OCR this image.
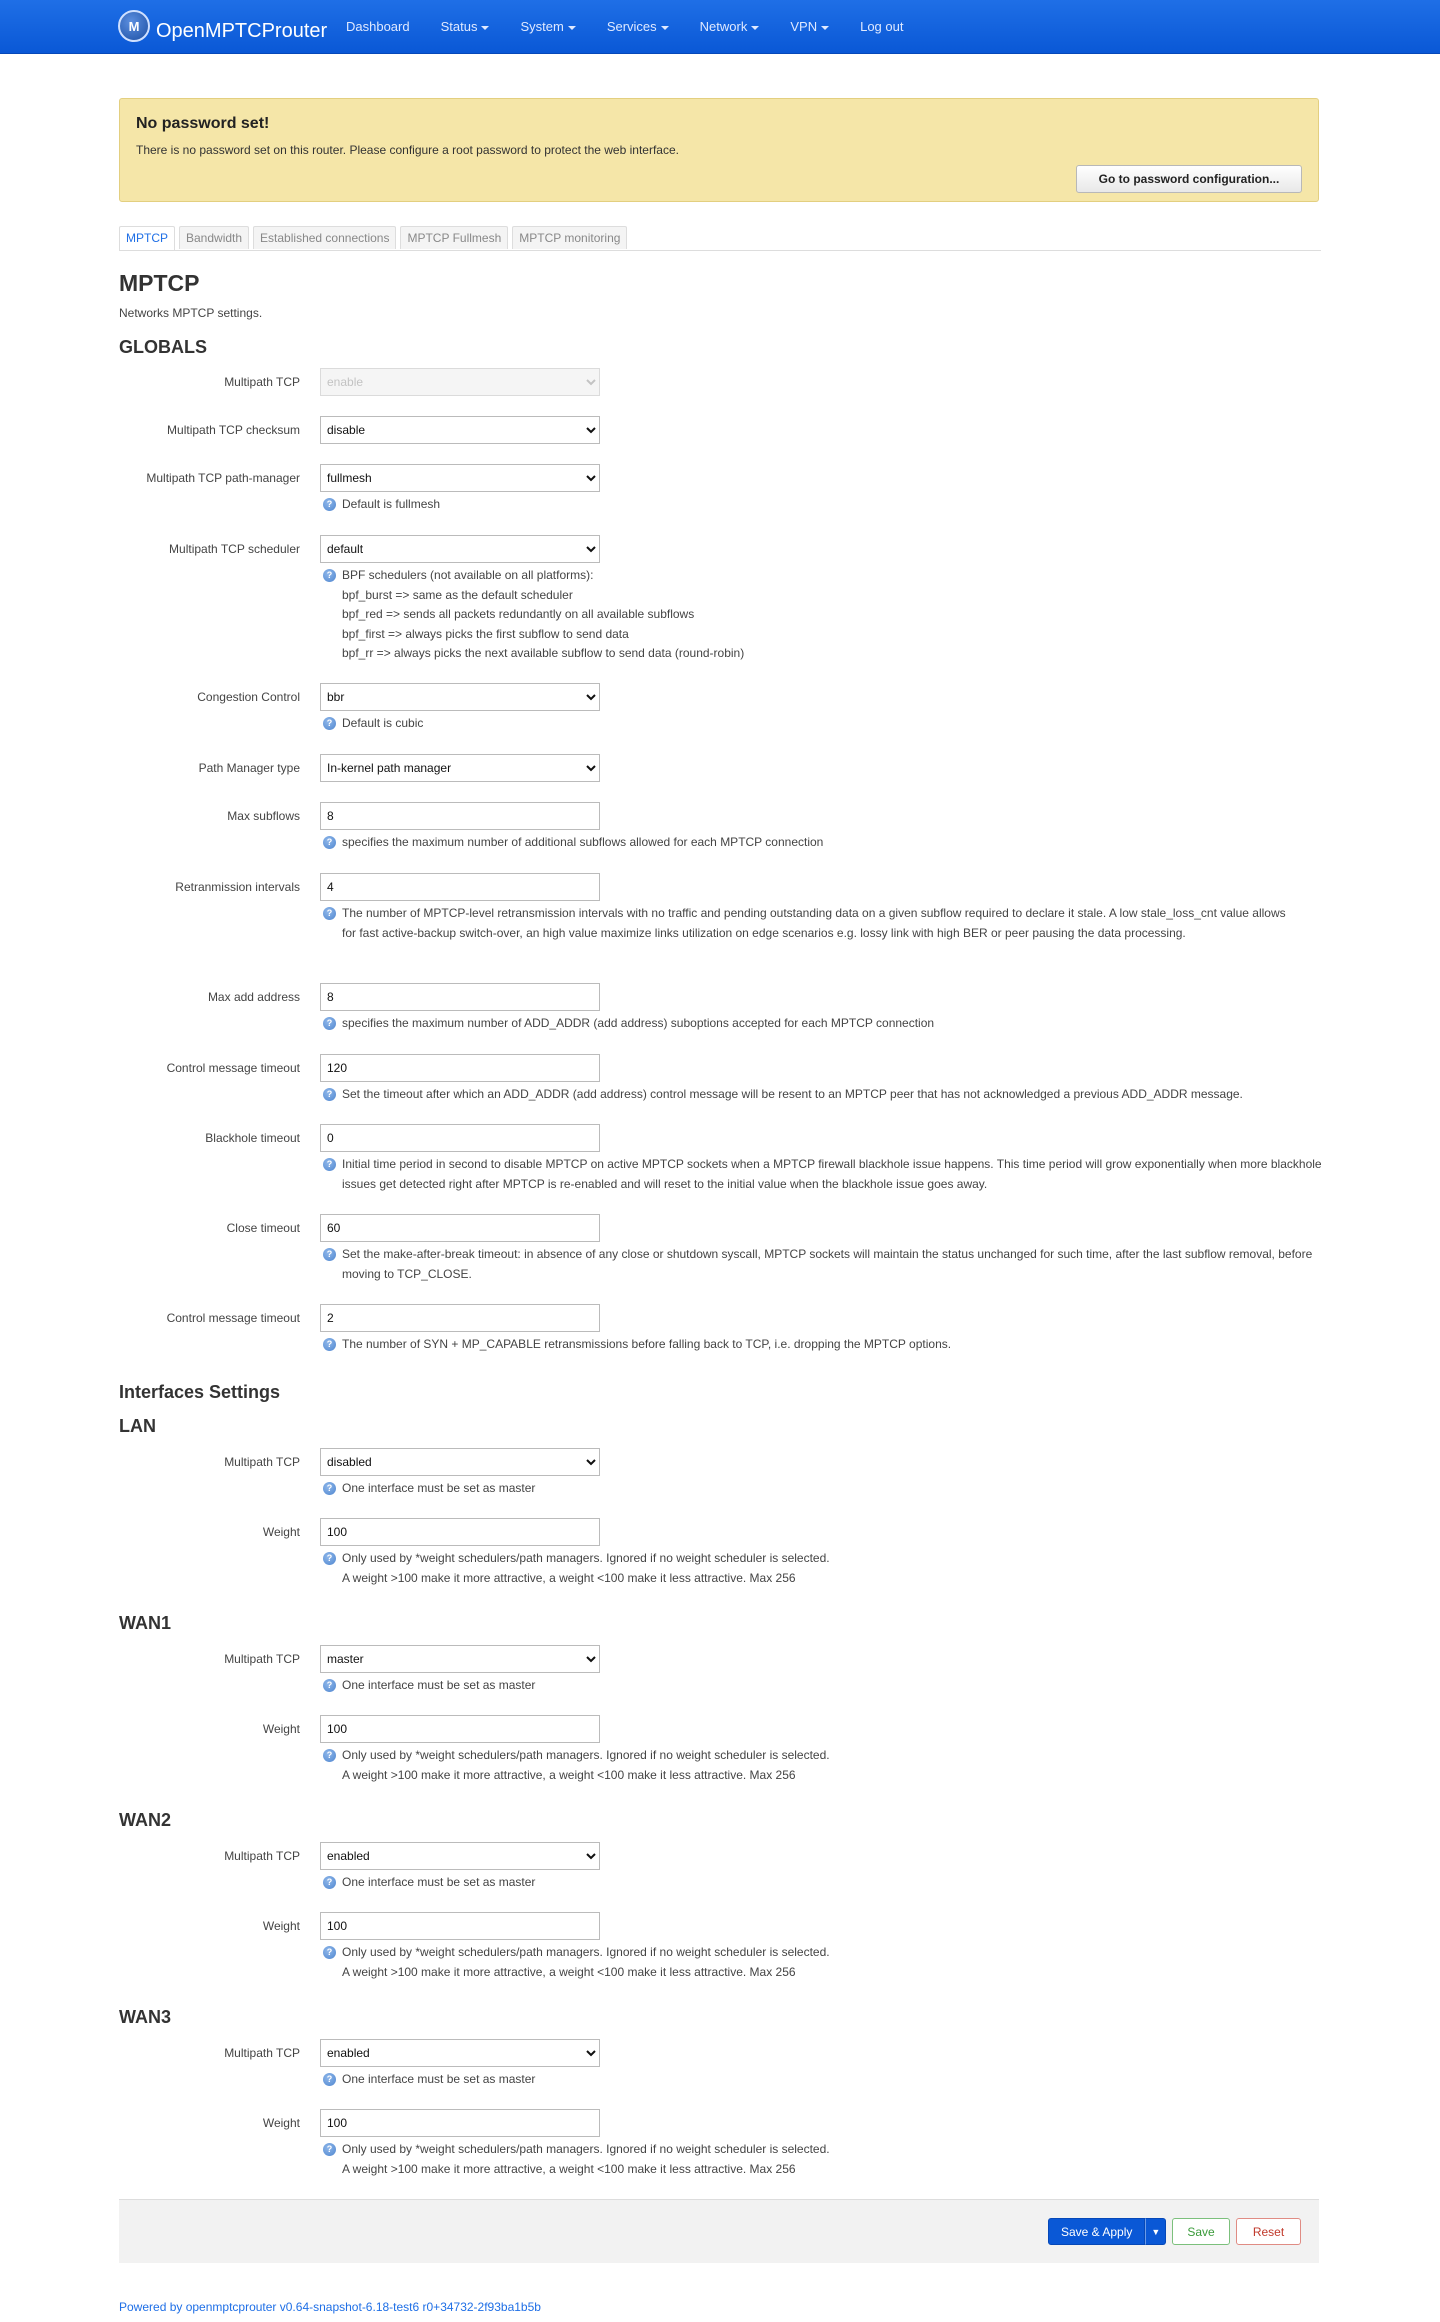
M OpenMPTCProuter Dashboard Status	System	Services	Network	VPN	Log out
No password set!
There is no password set on this router. Please configure a root password to protect the web interface.
Go to password configuration...
MPTCP	Bandwidth	Established connections	MPTCP Fullmesh	MPTCP monitoring
MPTCP
Networks MPTCP settings.
GLOBALS
Multipath TCP
enable
Multipath TCP checksum
disable
Multipath TCP path-manager
fullmesh
? Default is fullmesh
Multipath TCP scheduler
default
? BPF schedulers (not available on all platforms):
bpf_burst => same as the default scheduler
bpf_red => sends all packets redundantly on all available subflows
bpf_first => always picks the first subflow to send data
bpf_rr => always picks the next available subflow to send data (round-robin)
Congestion Control
bbr
? Default is cubic
Path Manager type
In-kernel path manager
Max subflows
8
? specifies the maximum number of additional subflows allowed for each MPTCP connection
Retranmission intervals
4
? The number of MPTCP-level retransmission intervals with no traffic and pending outstanding data on a given subflow required to declare it stale. A low stale_loss_cnt value allows for fast active-backup switch-over, an high value maximize links utilization on edge scenarios e.g. lossy link with high BER or peer pausing the data processing.
Max add address
8
? specifies the maximum number of ADD_ADDR (add address) suboptions accepted for each MPTCP connection
Control message timeout
120
? Set the timeout after which an ADD_ADDR (add address) control message will be resent to an MPTCP peer that has not acknowledged a previous ADD_ADDR message.
Blackhole timeout
0
? Initial time period in second to disable MPTCP on active MPTCP sockets when a MPTCP firewall blackhole issue happens. This time period will grow exponentially when more blackhole issues get detected right after MPTCP is re-enabled and will reset to the initial value when the blackhole issue goes away.
Close timeout
60
? Set the make-after-break timeout: in absence of any close or shutdown syscall, MPTCP sockets will maintain the status unchanged for such time, after the last subflow removal, before moving to TCP_CLOSE.
Control message timeout
2
? The number of SYN + MP_CAPABLE retransmissions before falling back to TCP, i.e. dropping the MPTCP options.
Interfaces Settings
LAN
Multipath TCP
disabled
? One interface must be set as master
Weight
100
? Only used by *weight schedulers/path managers. Ignored if no weight scheduler is selected.
A weight >100 make it more attractive, a weight <100 make it less attractive. Max 256
WAN1
Multipath TCP
master
? One interface must be set as master
Weight
100
? Only used by *weight schedulers/path managers. Ignored if no weight scheduler is selected.
A weight >100 make it more attractive, a weight <100 make it less attractive. Max 256
WAN2
Multipath TCP
enabled
? One interface must be set as master
Weight
100
? Only used by *weight schedulers/path managers. Ignored if no weight scheduler is selected.
A weight >100 make it more attractive, a weight <100 make it less attractive. Max 256
WAN3
Multipath TCP
enabled
? One interface must be set as master
Weight
100
? Only used by *weight schedulers/path managers. Ignored if no weight scheduler is selected.
A weight >100 make it more attractive, a weight <100 make it less attractive. Max 256
Save & Apply	▼	Save	Reset
Powered by openmptcprouter v0.64-snapshot-6.18-test6 r0+34732-2f93ba1b5b
